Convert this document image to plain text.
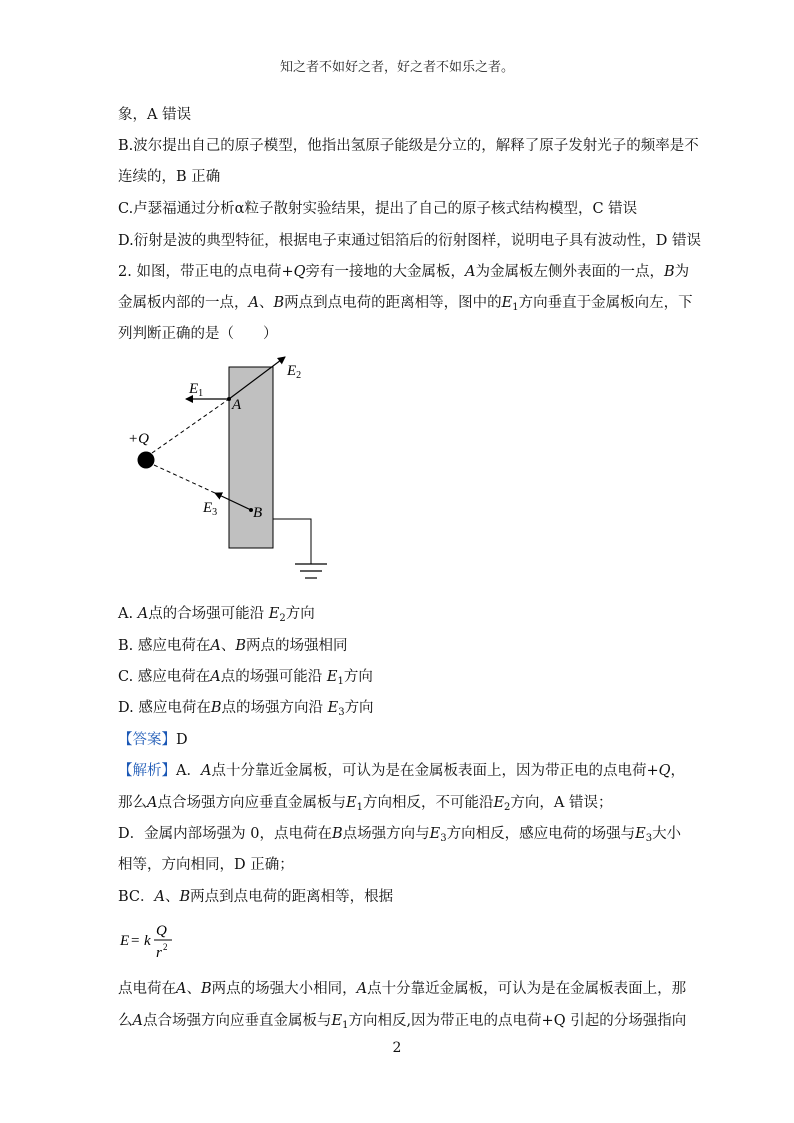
知之者不如好之者，好之者不如乐之者。
象，A 错误
B.波尔提出自己的原子模型，他指出氢原子能级是分立的，解释了原子发射光子的频率是不
连续的，B 正确
C.卢瑟福通过分析α粒子散射实验结果，提出了自己的原子核式结构模型，C 错误
D.衍射是波的典型特征，根据电子束通过铝箔后的衍射图样，说明电子具有波动性，D 错误
2. 如图，带正电的点电荷+Q旁有一接地的大金属板，A为金属板左侧外表面的一点，B为
金属板内部的一点，A、B两点到点电荷的距离相等，图中的$E_1$方向垂直于金属板向左，下
列判断正确的是（　　）
$E_1$
$E_2$
$E_3$
A
B
+Q
A. A点的合场强可能沿 $E_2$方向
B. 感应电荷在A、B两点的场强相同
C. 感应电荷在A点的场强可能沿 $E_1$方向
D. 感应电荷在B点的场强方向沿 $E_3$方向
【答案】D
【解析】A．A点十分靠近金属板，可认为是在金属板表面上，因为带正电的点电荷+Q，
那么A点合场强方向应垂直金属板与$E_1$方向相反，不可能沿$E_2$方向，A 错误；
D．金属内部场强为 0，点电荷在B点场强方向与$E_3$方向相反，感应电荷的场强与$E_3$大小
相等，方向相同，D 正确；
BC．A、B两点到点电荷的距离相等，根据
E = k
Q
r 2
点电荷在A、B两点的场强大小相同，A点十分靠近金属板，可认为是在金属板表面上，那
么A点合场强方向应垂直金属板与$E_1$方向相反,因为带正电的点电荷+Q 引起的分场强指向
2
